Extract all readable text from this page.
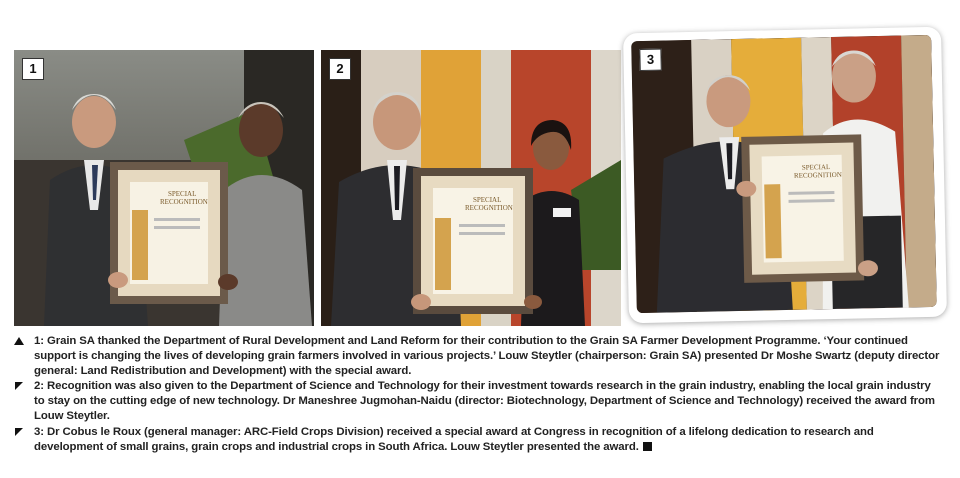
SPECIAL
RECOGNITION
1
SPECIAL
RECOGNITION
2
SPECIAL
RECOGNITION
3

1: Grain SA thanked the Department of Rural Development and Land Reform for their contribution to the Grain SA Farmer Development Programme. ‘Your continued support is changing the lives of developing grain farmers involved in various projects.’ Louw Steytler (chairperson: Grain SA) presented Dr Moshe Swartz (deputy director general: Land Redistribution and Development) with the special award.

2: Recognition was also given to the Department of Science and Technology for their investment towards research in the grain industry, enabling the local grain industry to stay on the cutting edge of new technology. Dr Maneshree Jugmohan-Naidu (director: Biotechnology, Department of Science and Technology) received the award from Louw Steytler.

3: Dr Cobus le Roux (general manager: ARC-Field Crops Division) received a special award at Congress in recognition of a lifelong dedication to research and development of small grains, grain crops and industrial crops in South Africa. Louw Steytler presented the award.
